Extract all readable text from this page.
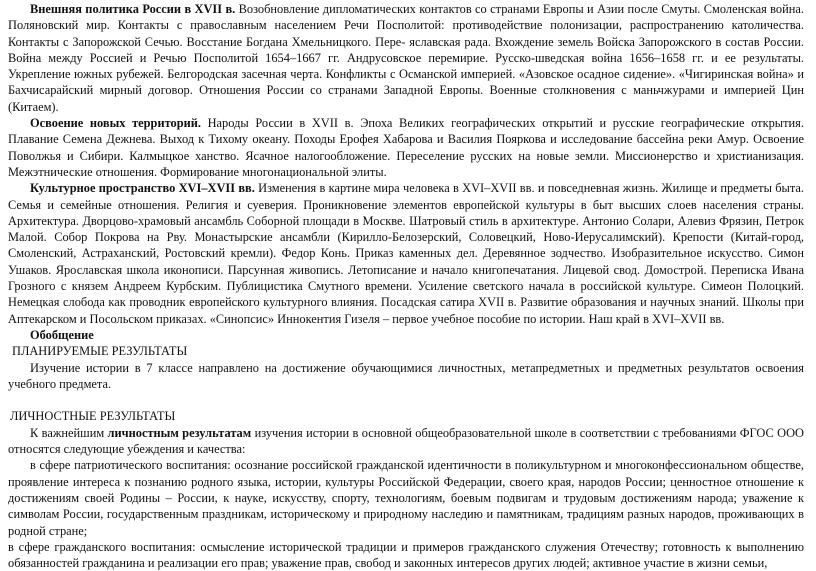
Внешняя политика России в XVII в. Возобновление дипломатических контактов со странами Европы и Азии после Смуты. Смоленская война. Поляновский мир. Контакты с православным населением Речи Посполитой: противодействие полонизации, распространению католичества. Контакты с Запорожской Сечью. Восстание Богдана Хмельницкого. Пере- яславская рада. Вхождение земель Войска Запорожского в состав России. Война между Россией и Речью Посполитой 1654–1667 гг. Андрусовское перемирие. Русско-шведская война 1656–1658 гг. и ее результаты. Укрепление южных рубежей. Белгородская засечная черта. Конфликты с Османской империей. «Азовское осадное сидение». «Чигиринская война» и Бахчисарайский мирный договор. Отношения России со странами Западной Европы. Военные столкновения с маньчжурами и империей Цин (Китаем).

Освоение новых территорий. Народы России в XVII в. Эпоха Великих географических открытий и русские географические открытия. Плавание Семена Дежнева. Выход к Тихому океану. Походы Ерофея Хабарова и Василия Пояркова и исследование бассейна реки Амур. Освоение Поволжья и Сибири. Калмыцкое ханство. Ясачное налогообложение. Переселение русских на новые земли. Миссионерство и христианизация. Межэтнические отношения. Формирование многонациональной элиты.

Культурное пространство XVI–XVII вв. Изменения в картине мира человека в XVI–XVII вв. и повседневная жизнь. Жилище и предметы быта. Семья и семейные отношения. Религия и суеверия. Проникновение элементов европейской культуры в быт высших слоев населения страны. Архитектура. Дворцово-храмовый ансамбль Соборной площади в Москве. Шатровый стиль в архитектуре. Антонио Солари, Алевиз Фрязин, Петрок Малой. Собор Покрова на Рву. Монастырские ансамбли (Кирилло-Белозерский, Соловецкий, Ново-Иерусалимский). Крепости (Китай-город, Смоленский, Астраханский, Ростовский кремли). Федор Конь. Приказ каменных дел. Деревянное зодчество. Изобразительное искусство. Симон Ушаков. Ярославская школа иконописи. Парсунная живопись. Летописание и начало книгопечатания. Лицевой свод. Домострой. Переписка Ивана Грозного с князем Андреем Курбским. Публицистика Смутного времени. Усиление светского начала в российской культуре. Симеон Полоцкий. Немецкая слобода как проводник европейского культурного влияния. Посадская сатира XVII в. Развитие образования и научных знаний. Школы при Аптекарском и Посольском приказах. «Синопсис» Иннокентия Гизеля – первое учебное пособие по истории. Наш край в XVI–XVII вв.

Обобщение

ПЛАНИРУЕМЫЕ РЕЗУЛЬТАТЫ

Изучение истории в 7 классе направлено на достижение обучающимися личностных, метапредметных и предметных результатов освоения учебного предмета.

ЛИЧНОСТНЫЕ РЕЗУЛЬТАТЫ

К важнейшим личностным результатам изучения истории в основной общеобразовательной школе в соответствии с требованиями ФГОС ООО относятся следующие убеждения и качества:

в сфере патриотического воспитания: осознание российской гражданской идентичности в поликультурном и многоконфессиональном обществе, проявление интереса к познанию родного языка, истории, культуры Российской Федерации, своего края, народов России; ценностное отношение к достижениям своей Родины – России, к науке, искусству, спорту, технологиям, боевым подвигам и трудовым достижениям народа; уважение к символам России, государственным праздникам, историческому и природному наследию и памятникам, традициям разных народов, проживающих в родной стране;

в сфере гражданского воспитания: осмысление исторической традиции и примеров гражданского служения Отечеству; готовность к выполнению обязанностей гражданина и реализации его прав; уважение прав, свобод и законных интересов других людей; активное участие в жизни семьи,
